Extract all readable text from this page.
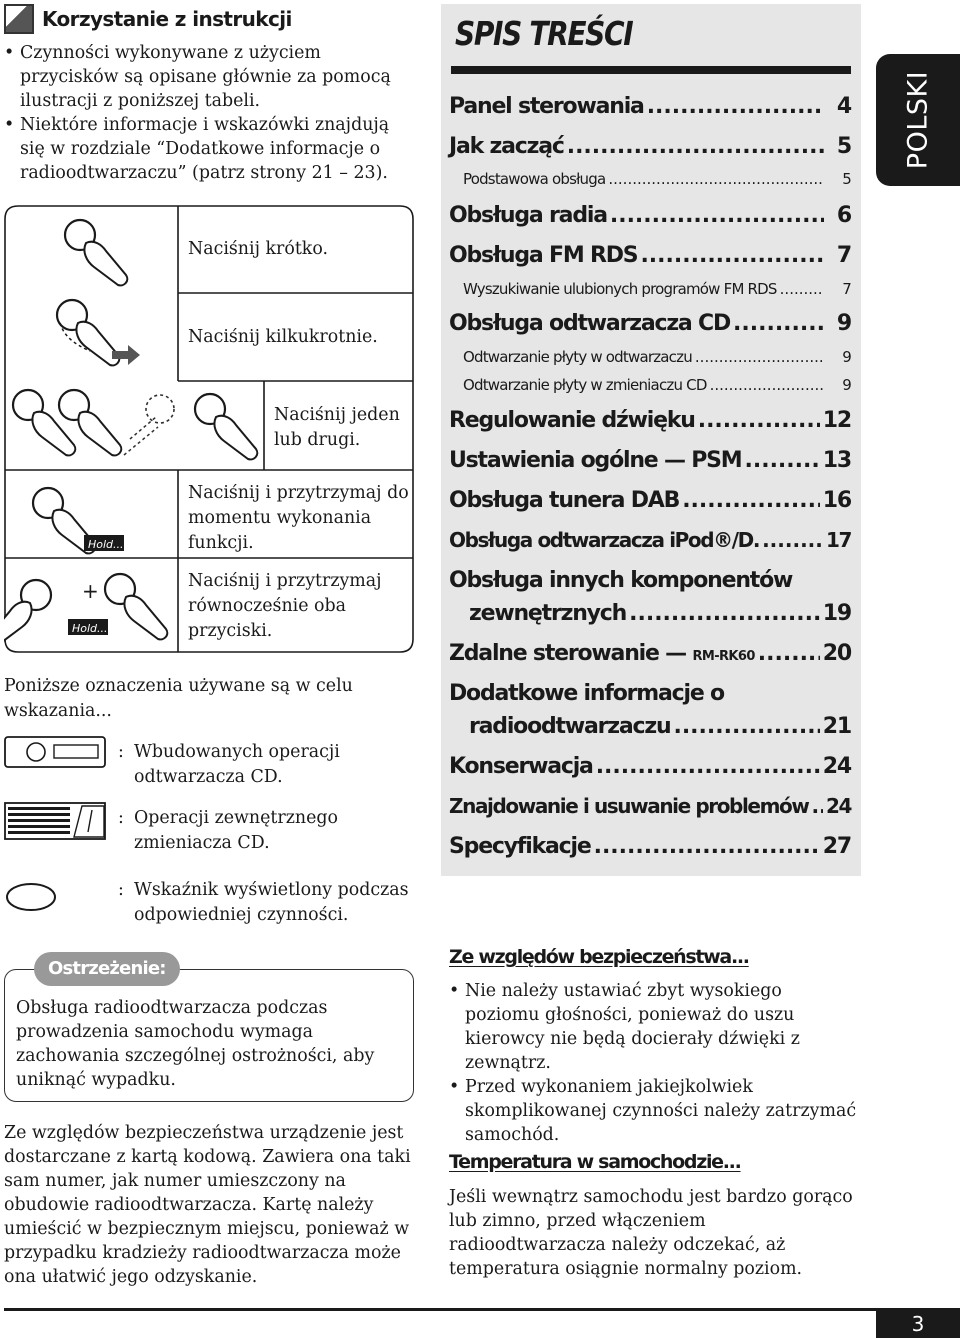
Korzystanie z instrukcji
• Czynności wykonywane z użyciem przycisków są opisane głównie za pomocą ilustracji z poniższej tabeli.
• Niektóre informacje i wskazówki znajdują się w rozdziale “Dodatkowe informacje o radioodtwarzaczu” (patrz strony 21 – 23).
Hold....
+
Hold....
Naciśnij krótko.
Naciśnij kilkukrotnie.
Naciśnij jeden lub drugi.
Naciśnij i przytrzymaj do momentu wykonania funkcji.
Naciśnij i przytrzymaj równocześnie oba przyciski.
Poniższe oznaczenia używane są w celu wskazania...
: Wbudowanych operacji odtwarzacza CD.
: Operacji zewnętrznego zmieniacza CD.
: Wskaźnik wyświetlony podczas odpowiedniej czynności.
Ostrzeżenie:
Obsługa radioodtwarzacza podczas prowadzenia samochodu wymaga zachowania szczególnej ostrożności, aby uniknąć wypadku.
Ze względów bezpieczeństwa urządzenie jest dostarczane z kartą kodową. Zawiera ona taki sam numer, jak numer umieszczony na obudowie radioodtwarzacza. Kartę należy umieścić w bezpiecznym miejscu, ponieważ w przypadku kradzieży radioodtwarzacza może ona ułatwić jego odzyskanie.
SPIS TREŚCI
POLSKI
Panel sterowania .....	4
Jak zacząć .....	5
Podstawowa obsługa .....	5
Obsługa radia .....	6
Obsługa FM RDS .....	7
Wyszukiwanie ulubionych programów FM RDS .....	7
Obsługa odtwarzacza CD .....	9
Odtwarzanie płyty w odtwarzaczu .....	9
Odtwarzanie płyty w zmieniaczu CD .....	9
Regulowanie dźwięku .....	12
Ustawienia ogólne — PSM .....	13
Obsługa tunera DAB .....	16
Obsługa odtwarzacza iPod®/D. .....	17
Obsługa innych komponentów
zewnętrznych .....	19
Zdalne sterowanie — RM-RK60 .....	20
Dodatkowe informacje o
radioodtwarzaczu .....	21
Konserwacja .....	24
Znajdowanie i usuwanie problemów ..... 24
Specyfikacje .....	27
Ze względów bezpieczeństwa...
• Nie należy ustawiać zbyt wysokiego poziomu głośności, ponieważ do uszu kierowcy nie będą docierały dźwięki z zewnątrz.
• Przed wykonaniem jakiejkolwiek skomplikowanej czynności należy zatrzymać samochód.
Temperatura w samochodzie...
Jeśli wewnątrz samochodu jest bardzo gorąco lub zimno, przed włączeniem radioodtwarzacza należy odczekać, aż temperatura osiągnie normalny poziom.
3
